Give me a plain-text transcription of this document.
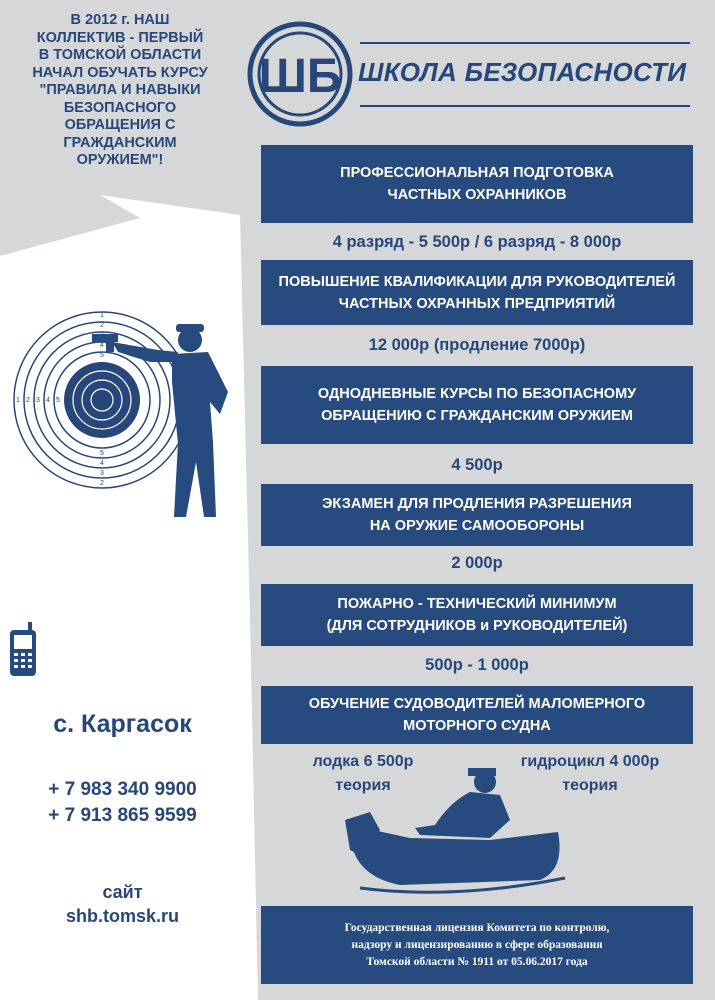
В 2012 г. НАШ
КОЛЛЕКТИВ - ПЕРВЫЙ
В ТОМСКОЙ ОБЛАСТИ
НАЧАЛ ОБУЧАТЬ КУРСУ
"ПРАВИЛА И НАВЫКИ
БЕЗОПАСНОГО
ОБРАЩЕНИЯ С
ГРАЖДАНСКИМ
ОРУЖИЕМ"!
ШБ ШКОЛА БЕЗОПАСНОСТИ
ПРОФЕССИОНАЛЬНАЯ ПОДГОТОВКА
ЧАСТНЫХ ОХРАННИКОВ
4 разряд - 5 500р / 6 разряд - 8 000р
ПОВЫШЕНИЕ КВАЛИФИКАЦИИ ДЛЯ РУКОВОДИТЕЛЕЙ
ЧАСТНЫХ ОХРАННЫХ ПРЕДПРИЯТИЙ
12 000р (продление 7000р)
ОДНОДНЕВНЫЕ КУРСЫ ПО БЕЗОПАСНОМУ
ОБРАЩЕНИЮ С ГРАЖДАНСКИМ ОРУЖИЕМ
4 500р
ЭКЗАМЕН ДЛЯ ПРОДЛЕНИЯ РАЗРЕШЕНИЯ
НА ОРУЖИЕ САМООБОРОНЫ
2 000р
ПОЖАРНО - ТЕХНИЧЕСКИЙ МИНИМУМ
(ДЛЯ СОТРУДНИКОВ и РУКОВОДИТЕЛЕЙ)
500р - 1 000р
ОБУЧЕНИЕ СУДОВОДИТЕЛЕЙ МАЛОМЕРНОГО
МОТОРНОГО СУДНА
лодка 6 500р
теория
гидроцикл 4 000р
теория
1
2
4
5
1 2 3 4 5
5
4
3
2
с. Каргасок
+ 7 983 340 9900
+ 7 913 865 9599
сайт
shb.tomsk.ru
Государственная лицензия Комитета по контролю,
надзору и лицензированию в сфере образования
Томской области № 1911 от 05.06.2017 года
